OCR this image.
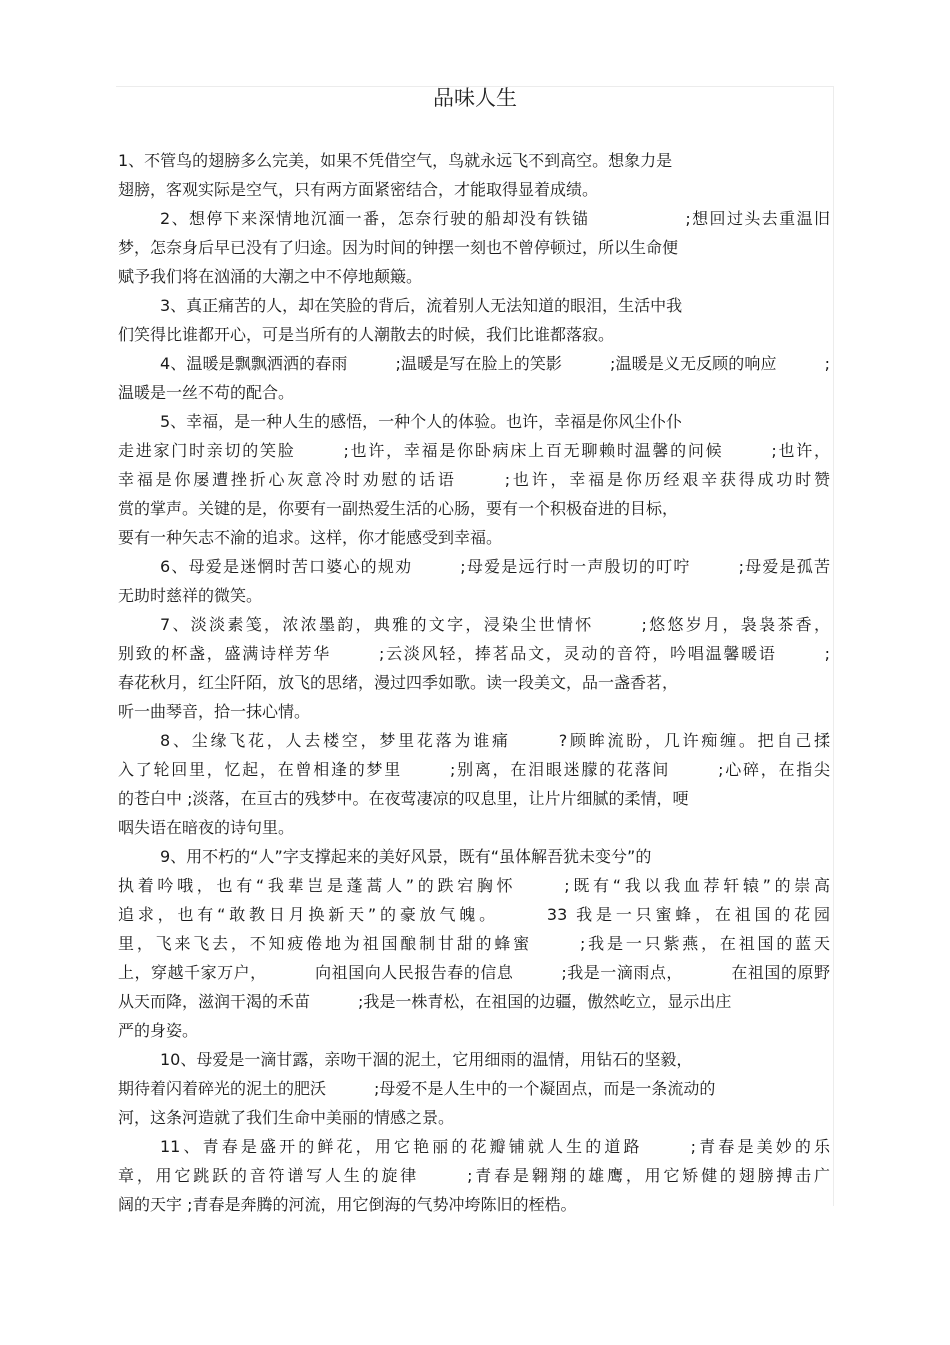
品味人生
1、不管鸟的翅膀多么完美，如果不凭借空气，鸟就永远飞不到高空。想象力是
翅膀，客观实际是空气，只有两方面紧密结合，才能取得显着成绩。
2、想停下来深情地沉湎一番，怎奈行驶的船却没有铁锚      ;想回过头去重温旧
梦，怎奈身后早已没有了归途。因为时间的钟摆一刻也不曾停顿过，所以生命便
赋予我们将在汹涌的大潮之中不停地颠簸。
3、真正痛苦的人，却在笑脸的背后，流着别人无法知道的眼泪，生活中我
们笑得比谁都开心，可是当所有的人潮散去的时候，我们比谁都落寂。
4、温暖是飘飘洒洒的春雨   ;温暖是写在脸上的笑影   ;温暖是义无反顾的响应   ;
温暖是一丝不苟的配合。
5、幸福，是一种人生的感悟，一种个人的体验。也许，幸福是你风尘仆仆
走进家门时亲切的笑脸   ;也许，幸福是你卧病床上百无聊赖时温馨的问候   ;也许，
幸福是你屡遭挫折心灰意冷时劝慰的话语   ;也许，幸福是你历经艰辛获得成功时赞
赏的掌声。关键的是，你要有一副热爱生活的心肠，要有一个积极奋进的目标，
要有一种矢志不渝的追求。这样，你才能感受到幸福。
6、母爱是迷惘时苦口婆心的规劝   ;母爱是远行时一声殷切的叮咛   ;母爱是孤苦
无助时慈祥的微笑。
7、淡淡素笺，浓浓墨韵，典雅的文字，浸染尘世情怀   ;悠悠岁月，袅袅茶香，
别致的杯盏，盛满诗样芳华   ;云淡风轻，捧茗品文，灵动的音符，吟唱温馨暖语   ;
春花秋月，红尘阡陌，放飞的思绪，漫过四季如歌。读一段美文，品一盏香茗，
听一曲琴音，拾一抹心情。
8、尘缘飞花，人去楼空，梦里花落为谁痛   ?顾眸流盼，几许痴缠。把自己揉
入了轮回里，忆起，在曾相逢的梦里   ;别离，在泪眼迷朦的花落间   ;心碎，在指尖
的苍白中 ;淡落，在亘古的残梦中。在夜莺凄凉的叹息里，让片片细腻的柔情，哽
咽失语在暗夜的诗句里。
9、用不朽的“人”字支撑起来的美好风景，既有“虽体解吾犹未变兮”的
执着吟哦，也有“我辈岂是蓬蒿人”的跌宕胸怀   ;既有“我以我血荐轩辕”的崇高
追求，也有“敢教日月换新天”的豪放气魄。   33 我是一只蜜蜂，在祖国的花园
里，飞来飞去，不知疲倦地为祖国酿制甘甜的蜂蜜   ;我是一只紫燕，在祖国的蓝天
上，穿越千家万户，   向祖国向人民报告春的信息   ;我是一滴雨点，   在祖国的原野
从天而降，滋润干渴的禾苗   ;我是一株青松，在祖国的边疆，傲然屹立，显示出庄
严的身姿。
10、母爱是一滴甘露，亲吻干涸的泥土，它用细雨的温情，用钻石的坚毅，
期待着闪着碎光的泥土的肥沃   ;母爱不是人生中的一个凝固点，而是一条流动的
河，这条河造就了我们生命中美丽的情感之景。
11、青春是盛开的鲜花，用它艳丽的花瓣铺就人生的道路   ;青春是美妙的乐
章，用它跳跃的音符谱写人生的旋律   ;青春是翱翔的雄鹰，用它矫健的翅膀搏击广
阔的天宇 ;青春是奔腾的河流，用它倒海的气势冲垮陈旧的桎梏。
